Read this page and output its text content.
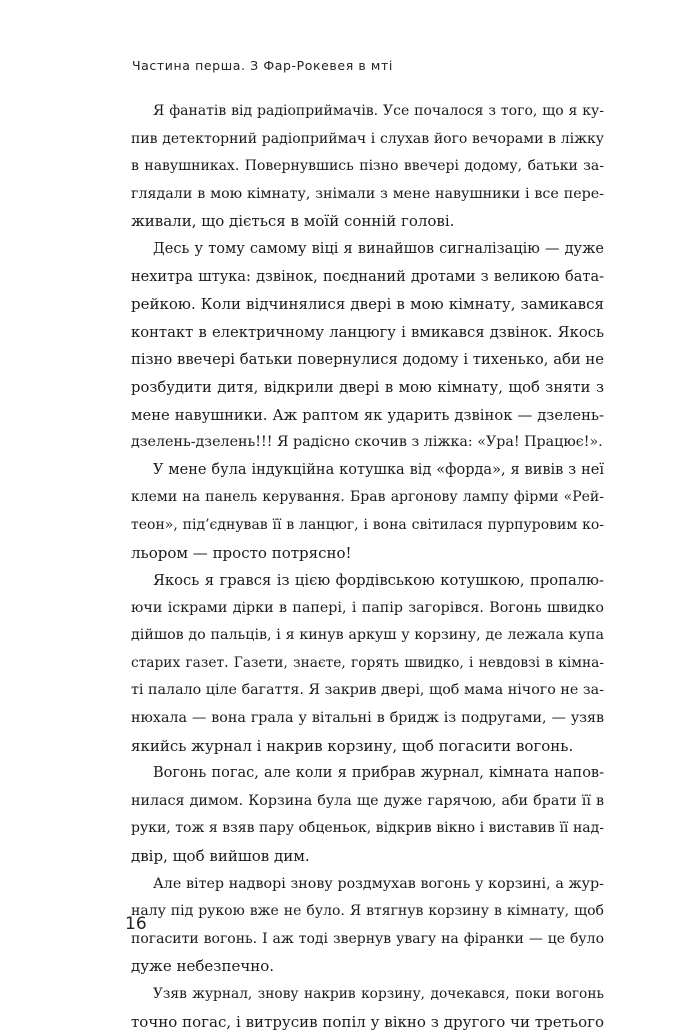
Частина перша. З Фар-Рокевея в мті
Я фанатів від радіоприймачів. Усе почалося з того, що я ку-
пив детекторний радіоприймач і слухав його вечорами в ліжку
в навушниках. Повернувшись пізно ввечері додому, батьки за-
глядали в мою кімнату, знімали з мене навушники і все пере-
живали, що діється в моїй сонній голові.
Десь у тому самому віці я винайшов сигналізацію — дуже
нехитра штука: дзвінок, поєднаний дротами з великою бата-
рейкою. Коли відчинялися двері в мою кімнату, замикався
контакт в електричному ланцюгу і вмикався дзвінок. Якось
пізно ввечері батьки повернулися додому і тихенько, аби не
розбудити дитя, відкрили двері в мою кімнату, щоб зняти з
мене навушники. Аж раптом як ударить дзвінок — дзелень-
дзелень-дзелень!!! Я радісно скочив з ліжка: «Ура! Працює!».
У мене була індукційна котушка від «форда», я вивів з неї
клеми на панель керування. Брав аргонову лампу фірми «Рей-
теон», під’єднував її в ланцюг, і вона світилася пурпуровим ко-
льором — просто потрясно!
Якось я грався із цією фордівською котушкою, пропалю-
ючи іскрами дірки в папері, і папір загорівся. Вогонь швидко
дійшов до пальців, і я кинув аркуш у корзину, де лежала купа
старих газет. Газети, знаєте, горять швидко, і невдовзі в кімна-
ті палало ціле багаття. Я закрив двері, щоб мама нічого не за-
нюхала — вона грала у вітальні в бридж із подругами, — узяв
якийсь журнал і накрив корзину, щоб погасити вогонь.
Вогонь погас, але коли я прибрав журнал, кімната напов-
нилася димом. Корзина була ще дуже гарячою, аби брати її в
руки, тож я взяв пару обценьок, відкрив вікно і виставив її над-
двір, щоб вийшов дим.
Але вітер надворі знову роздмухав вогонь у корзині, а жур-
налу під рукою вже не було. Я втягнув корзину в кімнату, щоб
погасити вогонь. І аж тоді звернув увагу на фіранки — це було
дуже небезпечно.
Узяв журнал, знову накрив корзину, дочекався, поки вогонь
точно погас, і витрусив попіл у вікно з другого чи третього
16
